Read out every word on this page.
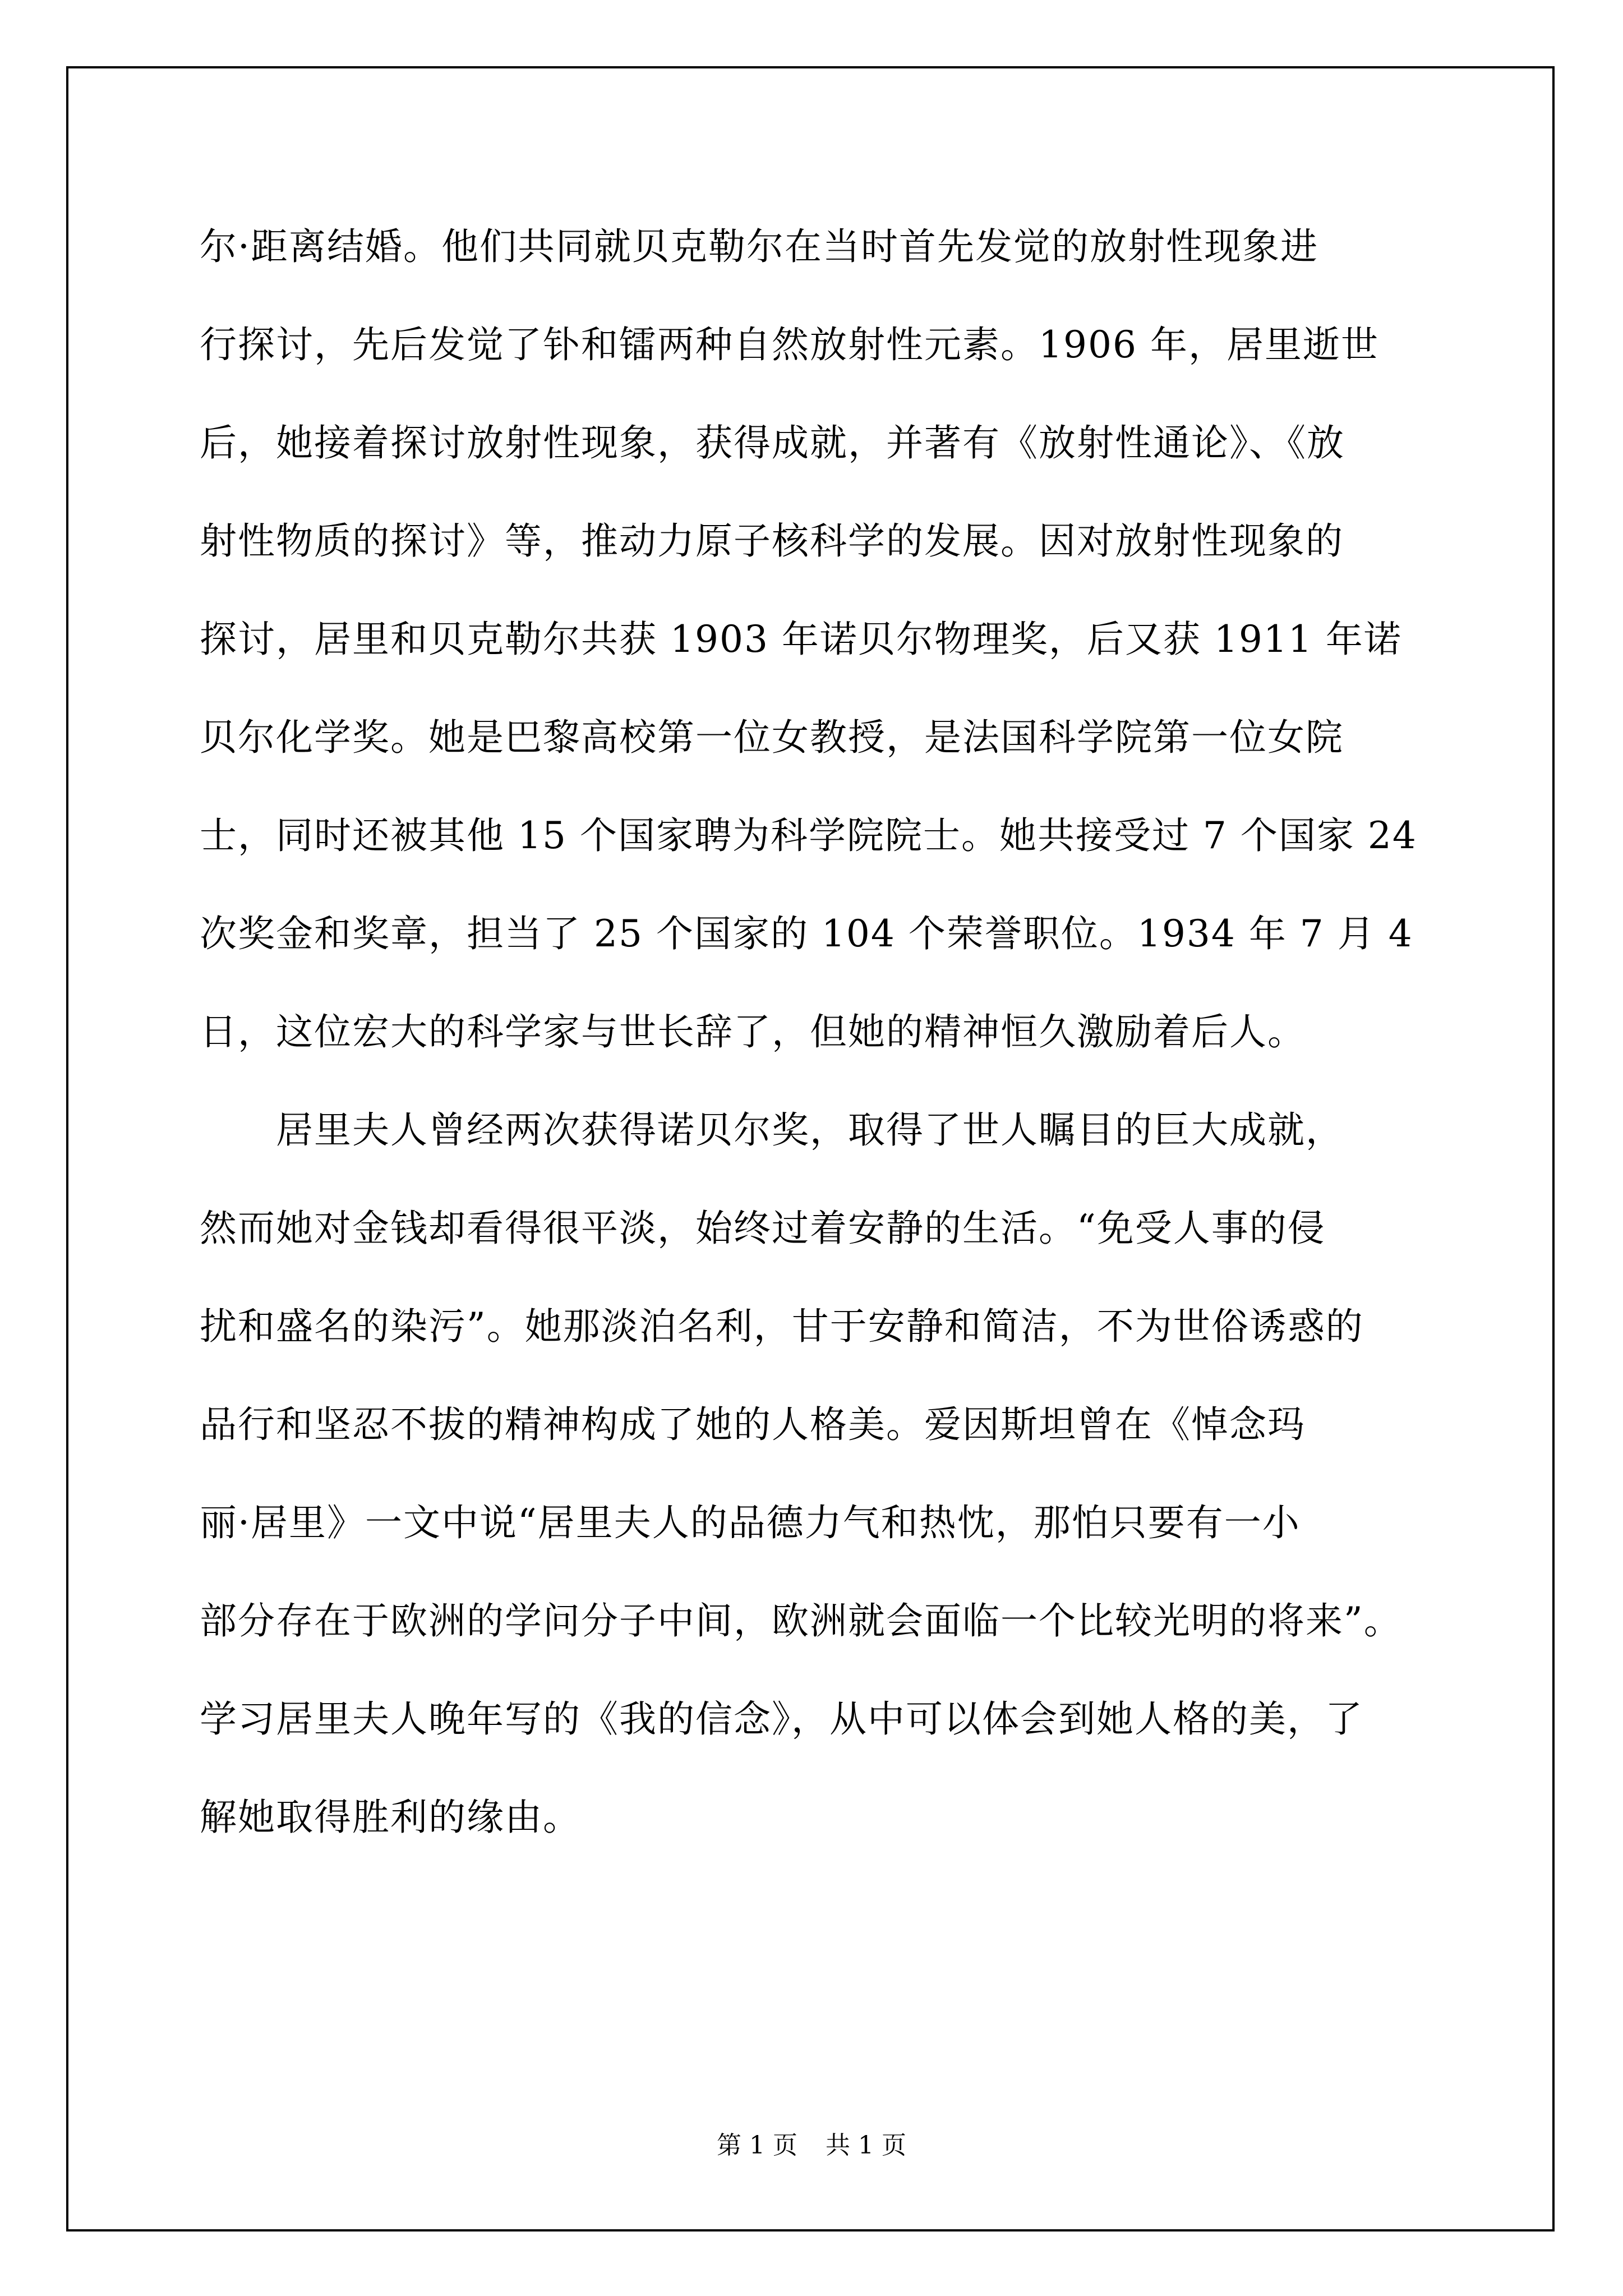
尔·距离结婚。他们共同就贝克勒尔在当时首先发觉的放射性现象进
行探讨，先后发觉了钋和镭两种自然放射性元素。1906 年，居里逝世
后，她接着探讨放射性现象，获得成就，并著有《放射性通论》、《放
射性物质的探讨》等，推动力原子核科学的发展。因对放射性现象的
探讨，居里和贝克勒尔共获 1903 年诺贝尔物理奖，后又获 1911 年诺
贝尔化学奖。她是巴黎高校第一位女教授，是法国科学院第一位女院
士，同时还被其他 15 个国家聘为科学院院士。她共接受过 7 个国家 24
次奖金和奖章，担当了 25 个国家的 104 个荣誉职位。1934 年 7 月 4
日，这位宏大的科学家与世长辞了，但她的精神恒久激励着后人。
　　居里夫人曾经两次获得诺贝尔奖，取得了世人瞩目的巨大成就，
然而她对金钱却看得很平淡，始终过着安静的生活。“免受人事的侵
扰和盛名的染污”。她那淡泊名利，甘于安静和简洁，不为世俗诱惑的
品行和坚忍不拔的精神构成了她的人格美。爱因斯坦曾在《悼念玛
丽·居里》一文中说“居里夫人的品德力气和热忱，那怕只要有一小
部分存在于欧洲的学问分子中间，欧洲就会面临一个比较光明的将来”。
学习居里夫人晚年写的《我的信念》，从中可以体会到她人格的美，了
解她取得胜利的缘由。
第 1 页 共 1 页
